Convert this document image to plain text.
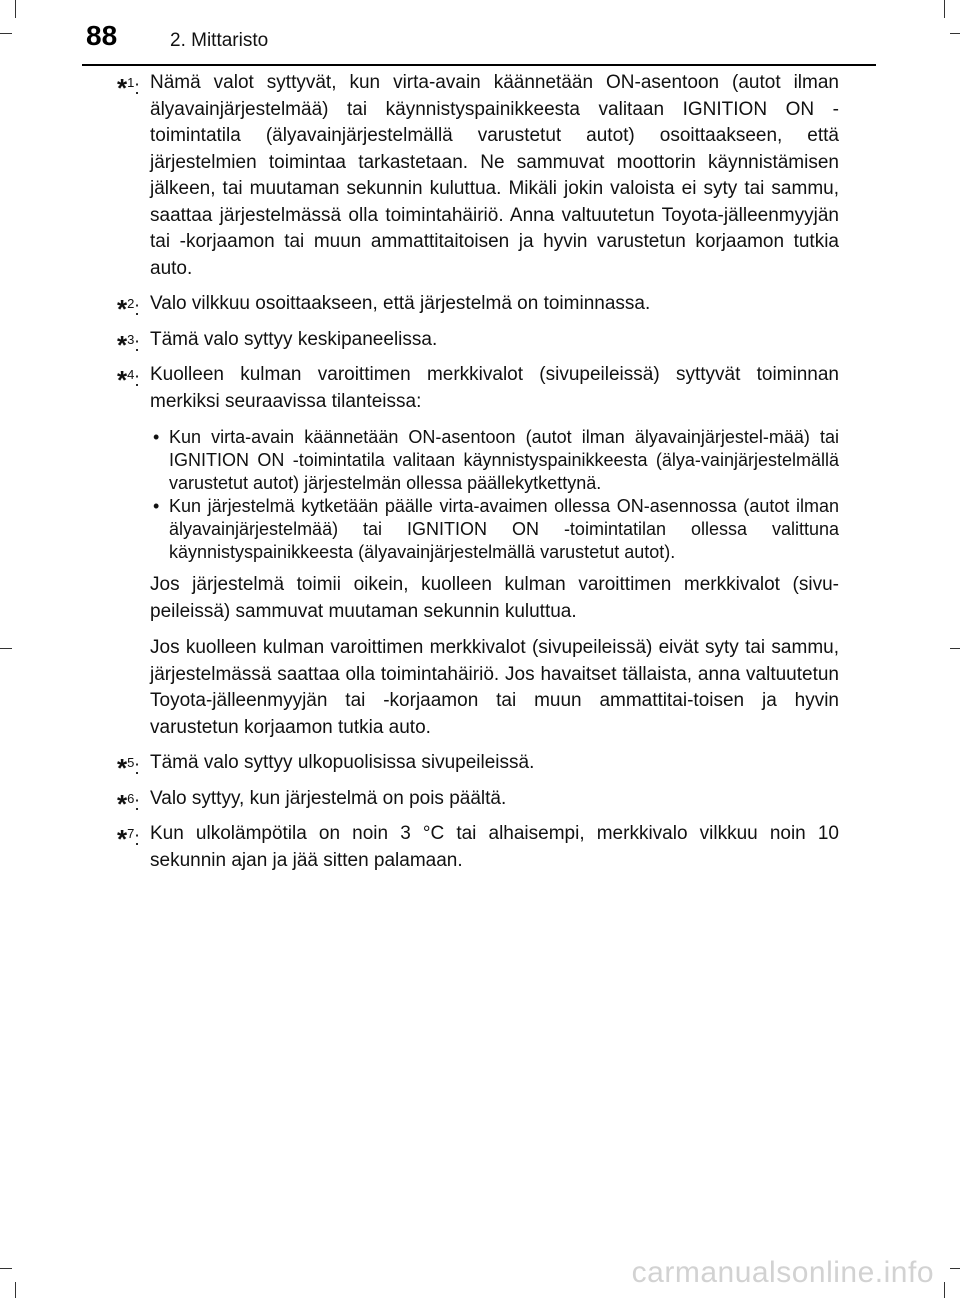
88	2. Mittaristo
*$^1$: Nämä valot syttyvät, kun virta-avain käännetään ON-asentoon (autot ilman älyavainjärjestelmää) tai käynnistyspainikkeesta valitaan IGNITION ON -toimintatila (älyavainjärjestelmällä varustetut autot) osoittaakseen, että järjestelmien toimintaa tarkastetaan. Ne sammuvat moottorin käynnistämisen jälkeen, tai muutaman sekunnin kuluttua. Mikäli jokin valoista ei syty tai sammu, saattaa järjestelmässä olla toimintahäiriö. Anna valtuutetun Toyota-jälleenmyyjän tai -korjaamon tai muun ammattitaitoisen ja hyvin varustetun korjaamon tutkia auto.

*$^2$: Valo vilkkuu osoittaakseen, että järjestelmä on toiminnassa.

*$^3$: Tämä valo syttyy keskipaneelissa.

*$^4$: Kuolleen kulman varoittimen merkkivalot (sivupeileissä) syttyvät toiminnan merkiksi seuraavissa tilanteissa:

• Kun virta-avain käännetään ON-asentoon (autot ilman älyavainjärjestel-mää) tai IGNITION ON -toimintatila valitaan käynnistyspainikkeesta (älya-vainjärjestelmällä varustetut autot) järjestelmän ollessa päällekytkettynä.
• Kun järjestelmä kytketään päälle virta-avaimen ollessa ON-asennossa (autot ilman älyavainjärjestelmää) tai IGNITION ON -toimintatilan ollessa valittuna käynnistyspainikkeesta (älyavainjärjestelmällä varustetut autot).

Jos järjestelmä toimii oikein, kuolleen kulman varoittimen merkkivalot (sivu-peileissä) sammuvat muutaman sekunnin kuluttua.

Jos kuolleen kulman varoittimen merkkivalot (sivupeileissä) eivät syty tai sammu, järjestelmässä saattaa olla toimintahäiriö. Jos havaitset tällaista, anna valtuutetun Toyota-jälleenmyyjän tai -korjaamon tai muun ammattitai-toisen ja hyvin varustetun korjaamon tutkia auto.

*$^5$: Tämä valo syttyy ulkopuolisissa sivupeileissä.

*$^6$: Valo syttyy, kun järjestelmä on pois päältä.

*$^7$: Kun ulkolämpötila on noin 3 °C tai alhaisempi, merkkivalo vilkkuu noin 10 sekunnin ajan ja jää sitten palamaan.

carmanualsonline.info
